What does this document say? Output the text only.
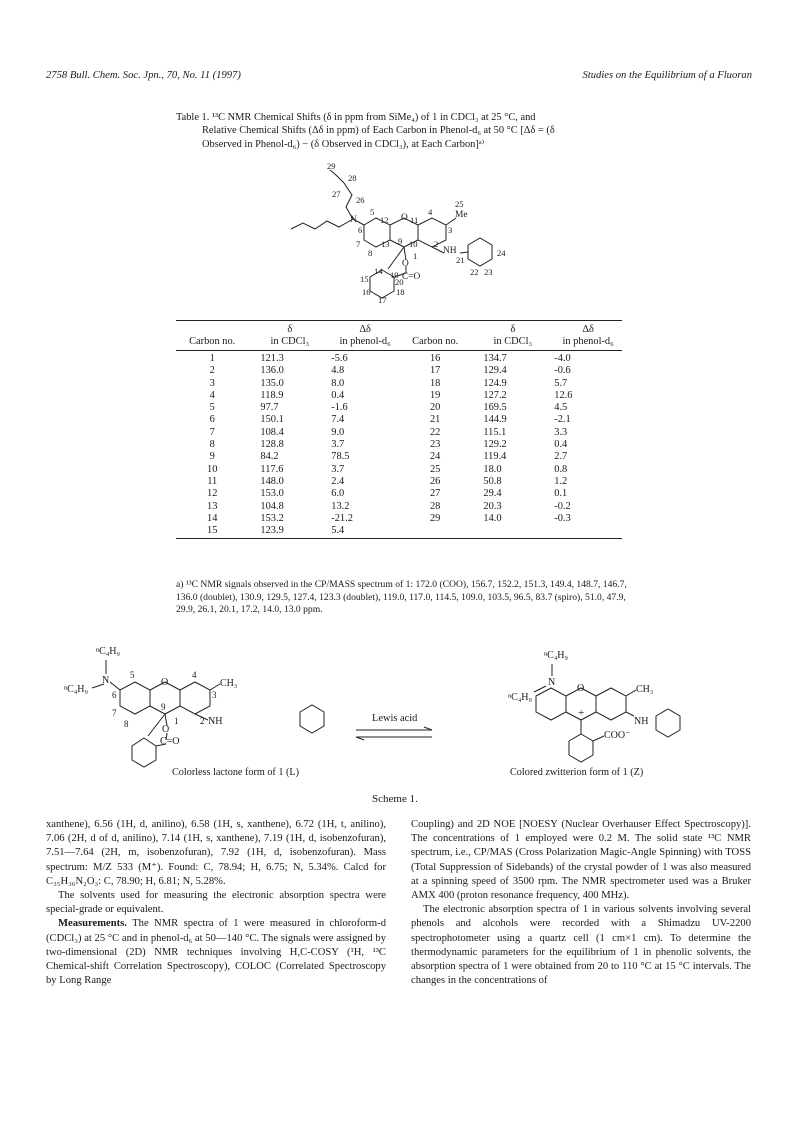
2758 Bull. Chem. Soc. Jpn., 70, No. 11 (1997)	Studies on the Equilibrium of a Fluoran
Table 1. ¹³C NMR Chemical Shifts (δ in ppm from SiMe₄) of 1 in CDCl₃ at 25 °C, and
Relative Chemical Shifts (Δδ in ppm) of Each Carbon in Phenol-d₆ at 50 °C [Δδ = (δ
Observed in Phenol-d₆) − (δ Observed in CDCl₃), at Each Carbon]ᵃ⁾
29
28
27
26
N
5
12 O 11
4
25
Me
6	3
7 13 9 10 2
NH	24
8
O
1	21
14 19 C=O	22 23
15	20
16	18
17
	δ	Δδ		δ	Δδ
Carbon no.	in CDCl₃	in phenol-d₆	Carbon no.	in CDCl₃	in phenol-d₆
1	121.3	-5.6	16	134.7	-4.0
2	136.0	4.8	17	129.4	-0.6
3	135.0	8.0	18	124.9	5.7
4	118.9	0.4	19	127.2	12.6
5	97.7	-1.6	20	169.5	4.5
6	150.1	7.4	21	144.9	-2.1
7	108.4	9.0	22	115.1	3.3
8	128.8	3.7	23	129.2	0.4
9	84.2	78.5	24	119.4	2.7
10	117.6	3.7	25	18.0	0.8
11	148.0	2.4	26	50.8	1.2
12	153.0	6.0	27	29.4	0.1
13	104.8	13.2	28	20.3	-0.2
14	153.2	-21.2	29	14.0	-0.3
15	123.9	5.4			
a) ¹³C NMR signals observed in the CP/MASS spectrum of 1: 172.0 (COO), 156.7, 152.2, 151.3, 149.4, 148.7, 146.7, 136.0 (doublet), 130.9, 129.5, 127.4, 123.3 (doublet), 119.0, 117.0, 114.5, 109.0, 103.5, 96.5, 83.7 (spiro), 51.0, 47.9, 29.9, 26.1, 20.1, 17.2, 14.0, 13.0 ppm.
ⁿC₄H₉
ⁿC₄H₉
N 5	4
O	CH₃
6	3
9
7
8	O
1 2 NH
C=O
ⁿC₄H₉
ⁿC₄H₉
N
O	CH₃
+
NH
COO⁻
Lewis acid
Colorless lactone form of 1 (L)	Colored zwitterion form of 1 (Z)
Scheme 1.

xanthene), 6.56 (1H, d, anilino), 6.58 (1H, s, xanthene), 6.72 (1H, t, anilino), 7.06 (2H, d of d, anilino), 7.14 (1H, s, xanthene), 7.19 (1H, d, isobenzofuran), 7.51—7.64 (2H, m, isobenzofuran), 7.92 (1H, d, isobenzofuran). Mass spectrum: M/Z 533 (M⁺). Found: C, 78.94; H, 6.75; N, 5.34%. Calcd for C₃₅H₃₆N₂O₃: C, 78.90; H, 6.81; N, 5.28%.

The solvents used for measuring the electronic absorption spectra were special-grade or equivalent.

Measurements. The NMR spectra of 1 were measured in chloroform-d (CDCl₃) at 25 °C and in phenol-d₆ at 50—140 °C. The signals were assigned by two-dimensional (2D) NMR techniques involving H,C-COSY (¹H, ¹³C Chemical-shift Correlation Spectroscopy), COLOC (Correlated Spectroscopy by Long Range

Coupling) and 2D NOE [NOESY (Nuclear Overhauser Effect Spectroscopy)]. The concentrations of 1 employed were 0.2 M. The solid state ¹³C NMR spectrum, i.e., CP/MAS (Cross Polarization Magic-Angle Spinning) with TOSS (Total Suppression of Sidebands) of the crystal powder of 1 was also measured at a spinning speed of 3500 rpm. The NMR spectrometer used was a Bruker AMX 400 (proton resonance frequency, 400 MHz).

The electronic absorption spectra of 1 in various solvents involving several phenols and alcohols were recorded with a Shimadzu UV-2200 spectrophotometer using a quartz cell (1 cm×1 cm). To determine the thermodynamic parameters for the equilibrium of 1 in phenolic solvents, the absorption spectra of 1 were obtained from 20 to 110 °C at 15 °C intervals. The changes in the concentrations of
